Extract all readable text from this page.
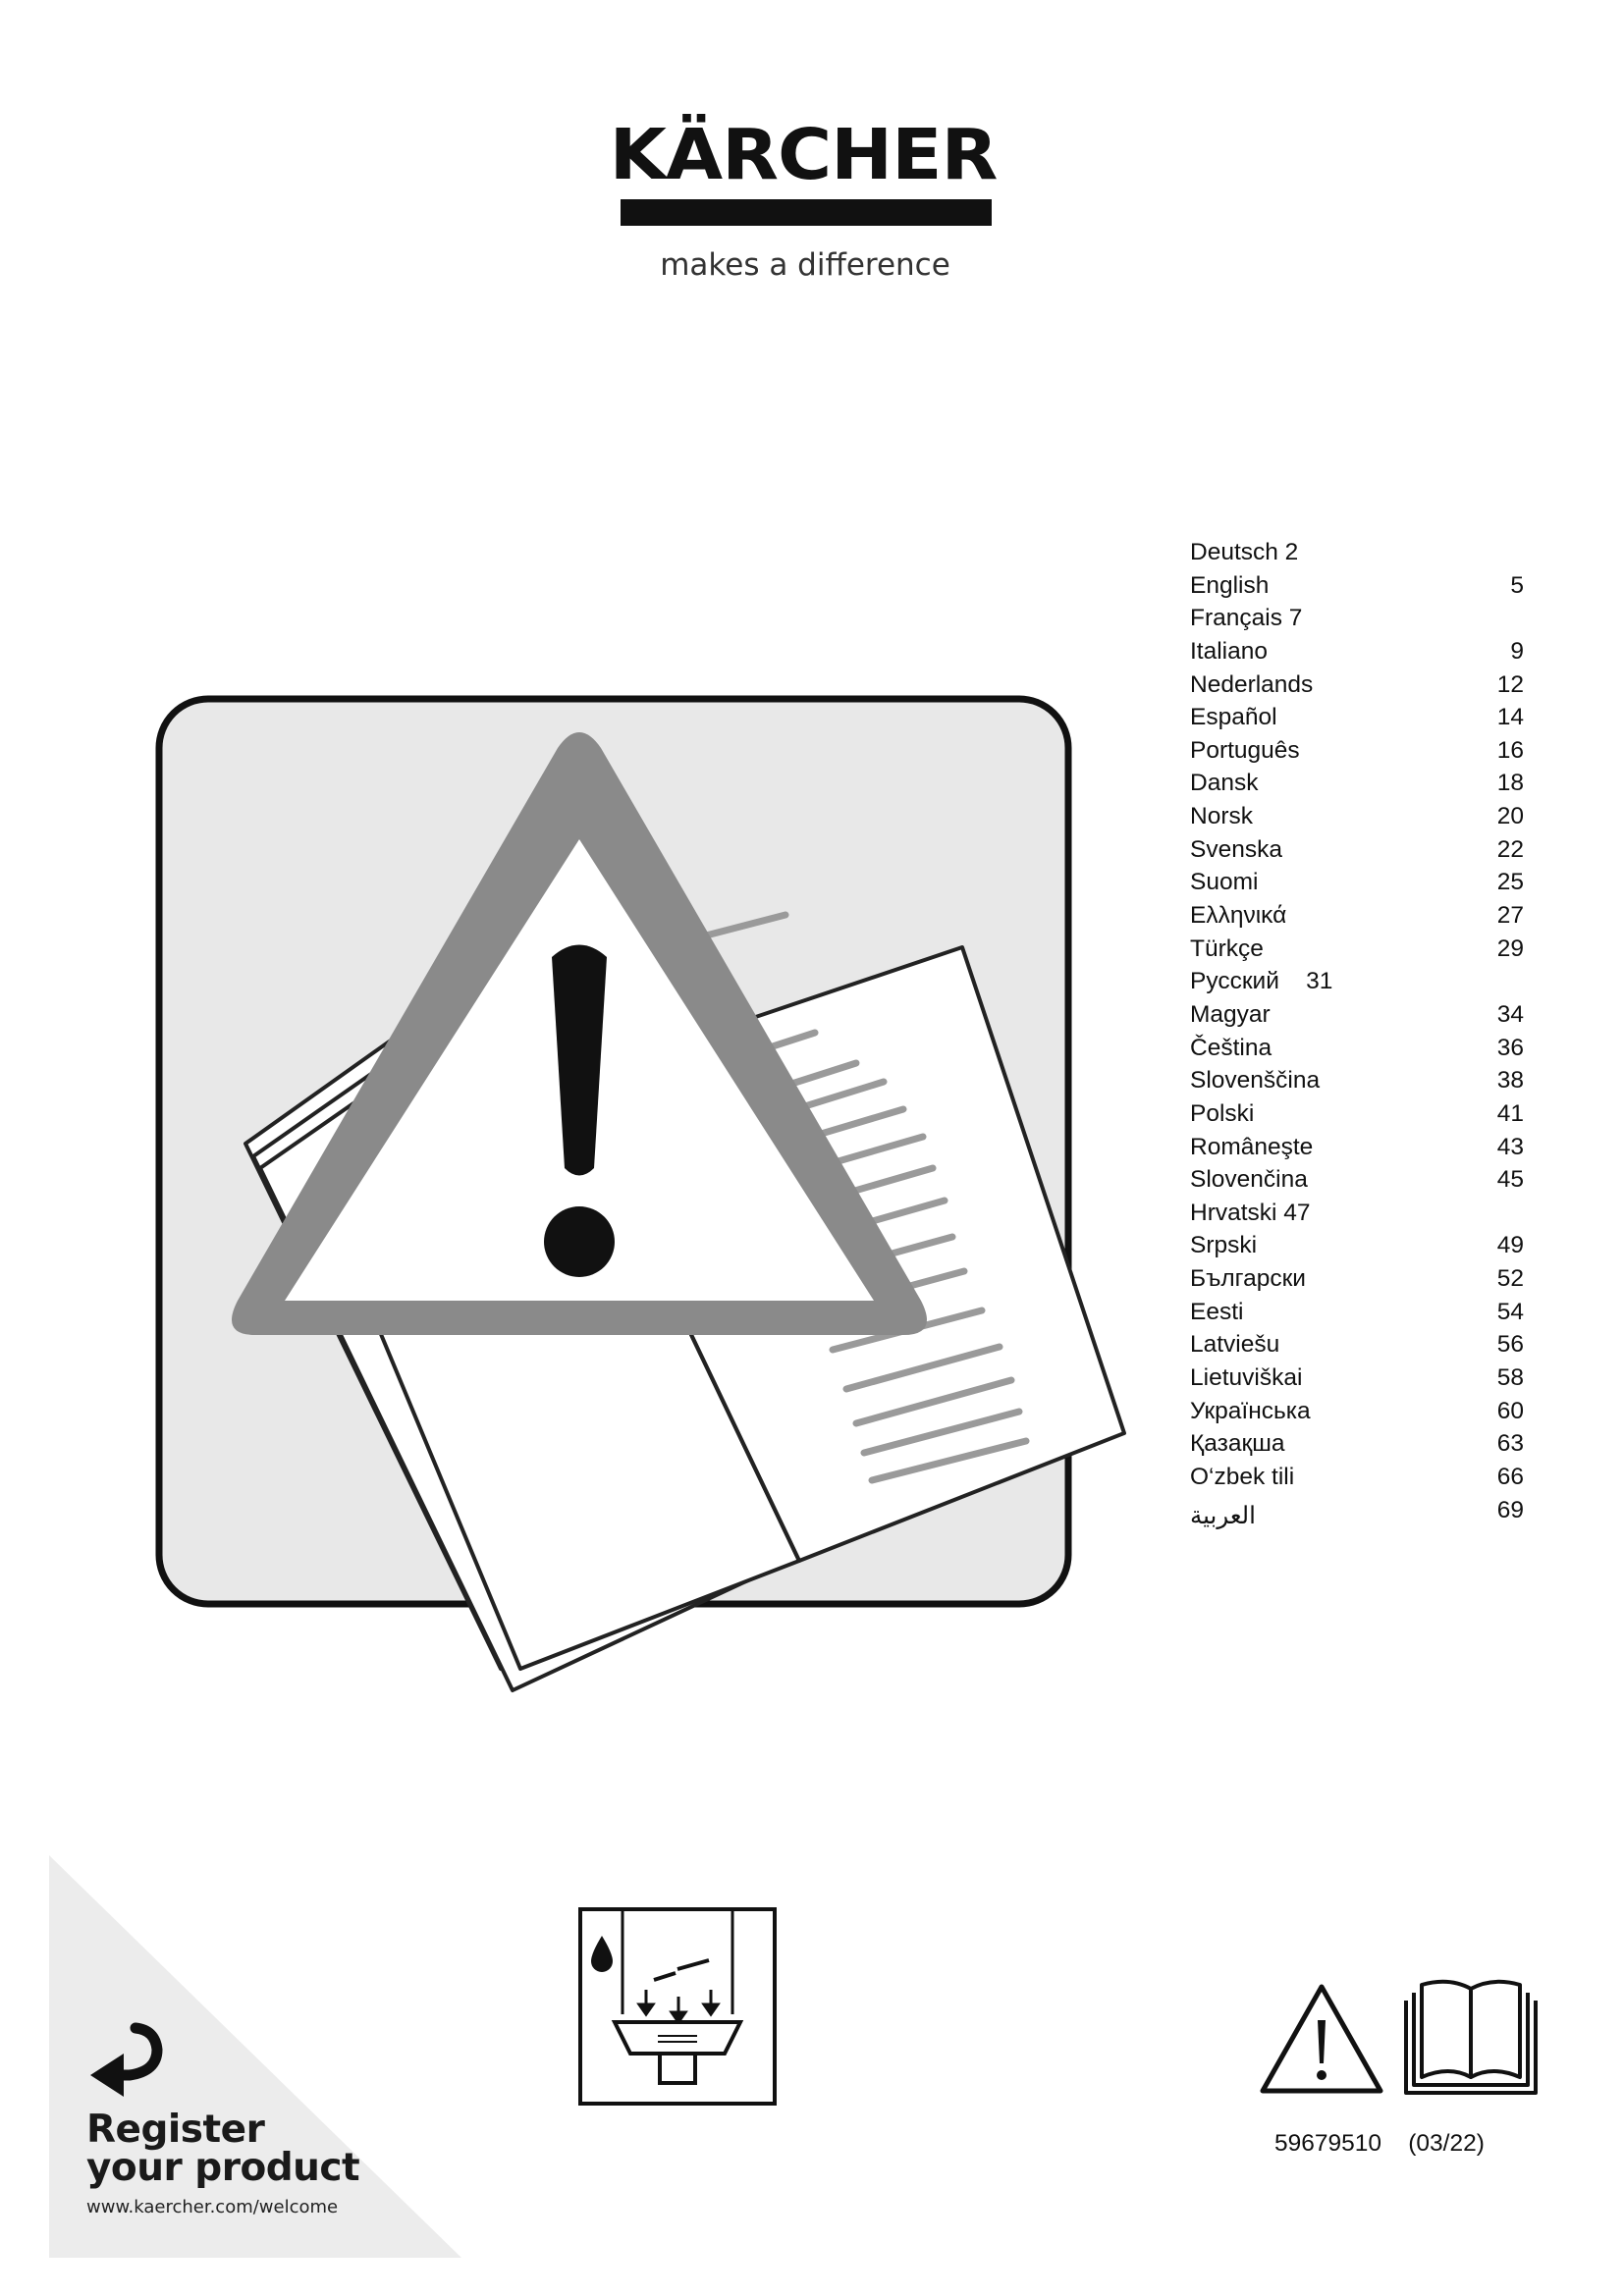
KÄRCHER
makes a difference
Deutsch 2
English	5
Français 7
Italiano	9
Nederlands	12
Español	14
Português	16
Dansk	18
Norsk	20
Svenska	22
Suomi	25
Ελληνικά	27
Türkçe	29
Русский    31
Magyar	34
Čeština	36
Slovenščina	38
Polski	41
Româneşte	43
Slovenčina	45
Hrvatski 47
Srpski	49
Български	52
Eesti	54
Latviešu	56
Lietuviškai	58
Українська	60
Қазақша	63
O‘zbek tili	66
العربية	69
Register
your product
www.kaercher.com/welcome
59679510    (03/22)
